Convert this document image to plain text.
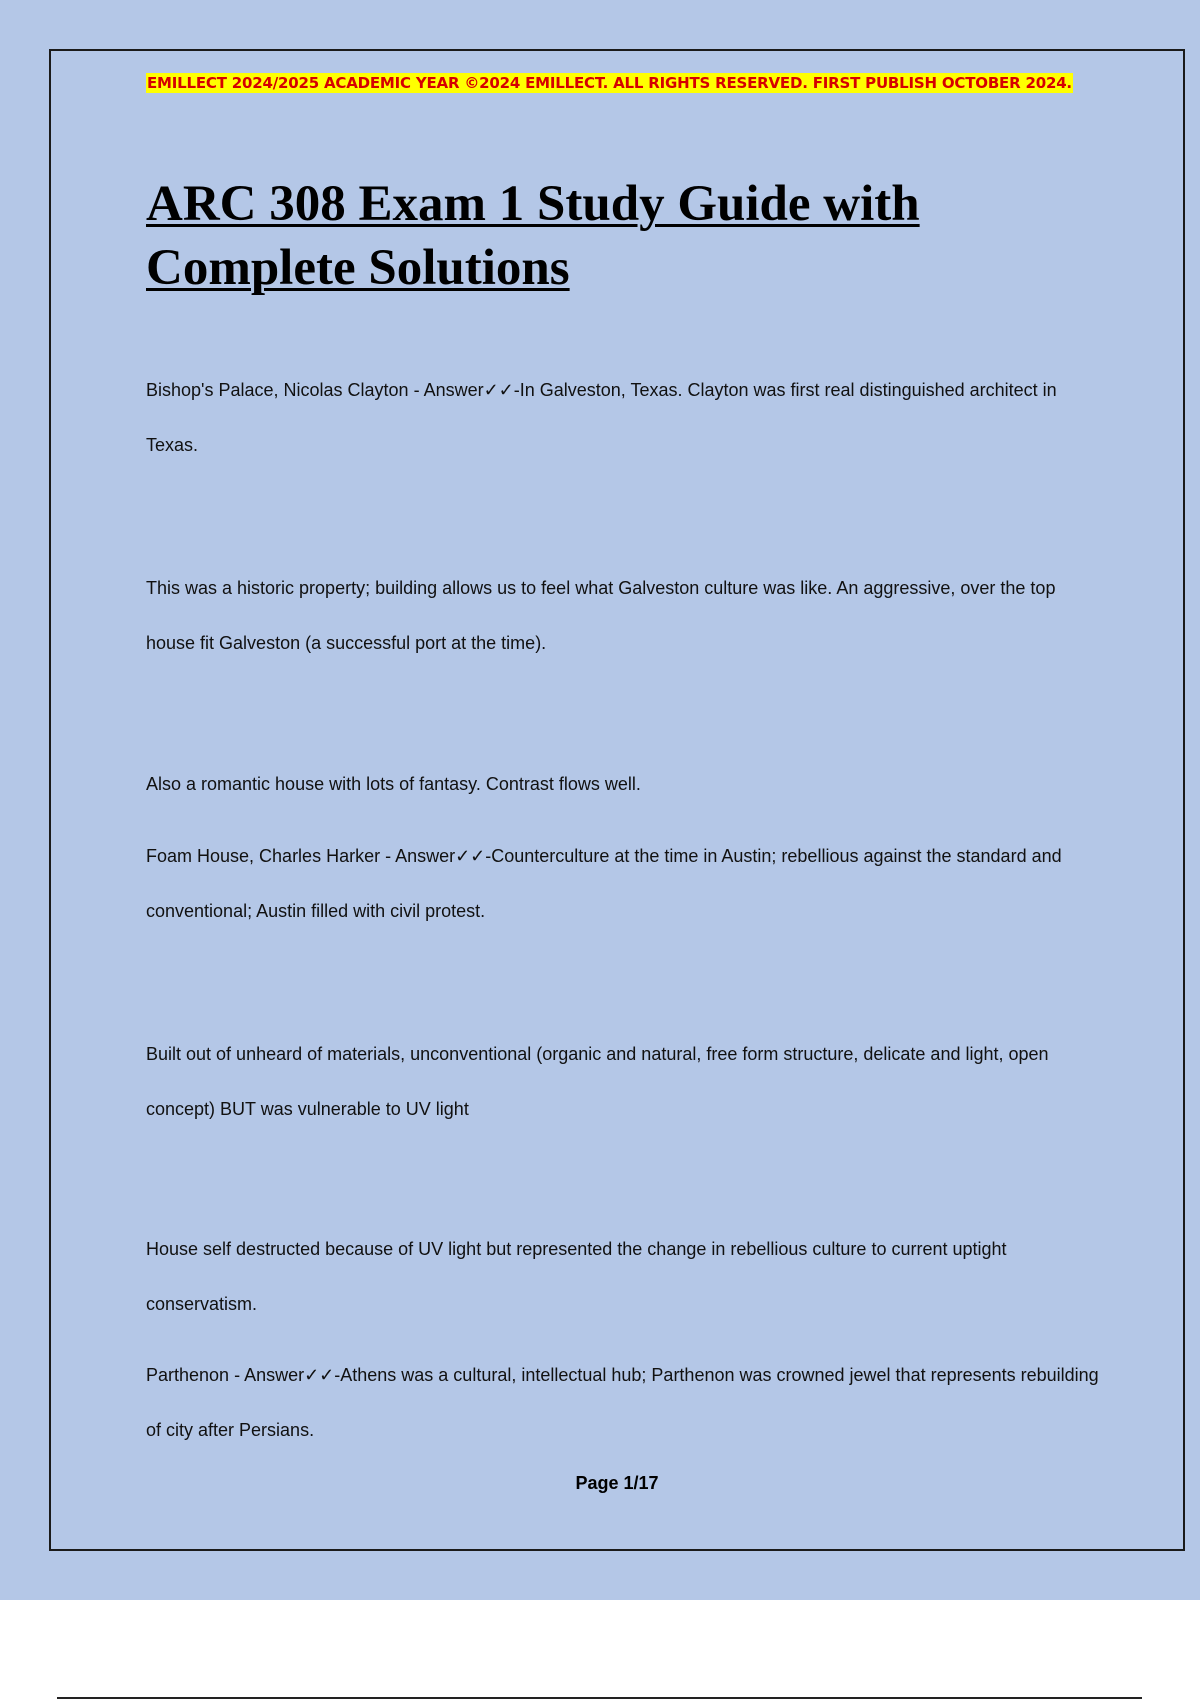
EMILLECT 2024/2025 ACADEMIC YEAR ©2024 EMILLECT. ALL RIGHTS RESERVED. FIRST PUBLISH OCTOBER 2024.
ARC 308 Exam 1 Study Guide with Complete Solutions

Bishop's Palace, Nicolas Clayton - Answer✓✓-In Galveston, Texas. Clayton was first real distinguished architect in Texas.

This was a historic property; building allows us to feel what Galveston culture was like. An aggressive, over the top house fit Galveston (a successful port at the time).

Also a romantic house with lots of fantasy. Contrast flows well.

Foam House, Charles Harker - Answer✓✓-Counterculture at the time in Austin; rebellious against the standard and conventional; Austin filled with civil protest.

Built out of unheard of materials, unconventional (organic and natural, free form structure, delicate and light, open concept) BUT was vulnerable to UV light

House self destructed because of UV light but represented the change in rebellious culture to current uptight conservatism.

Parthenon - Answer✓✓-Athens was a cultural, intellectual hub; Parthenon was crowned jewel that represents rebuilding of city after Persians.

Page 1/17
